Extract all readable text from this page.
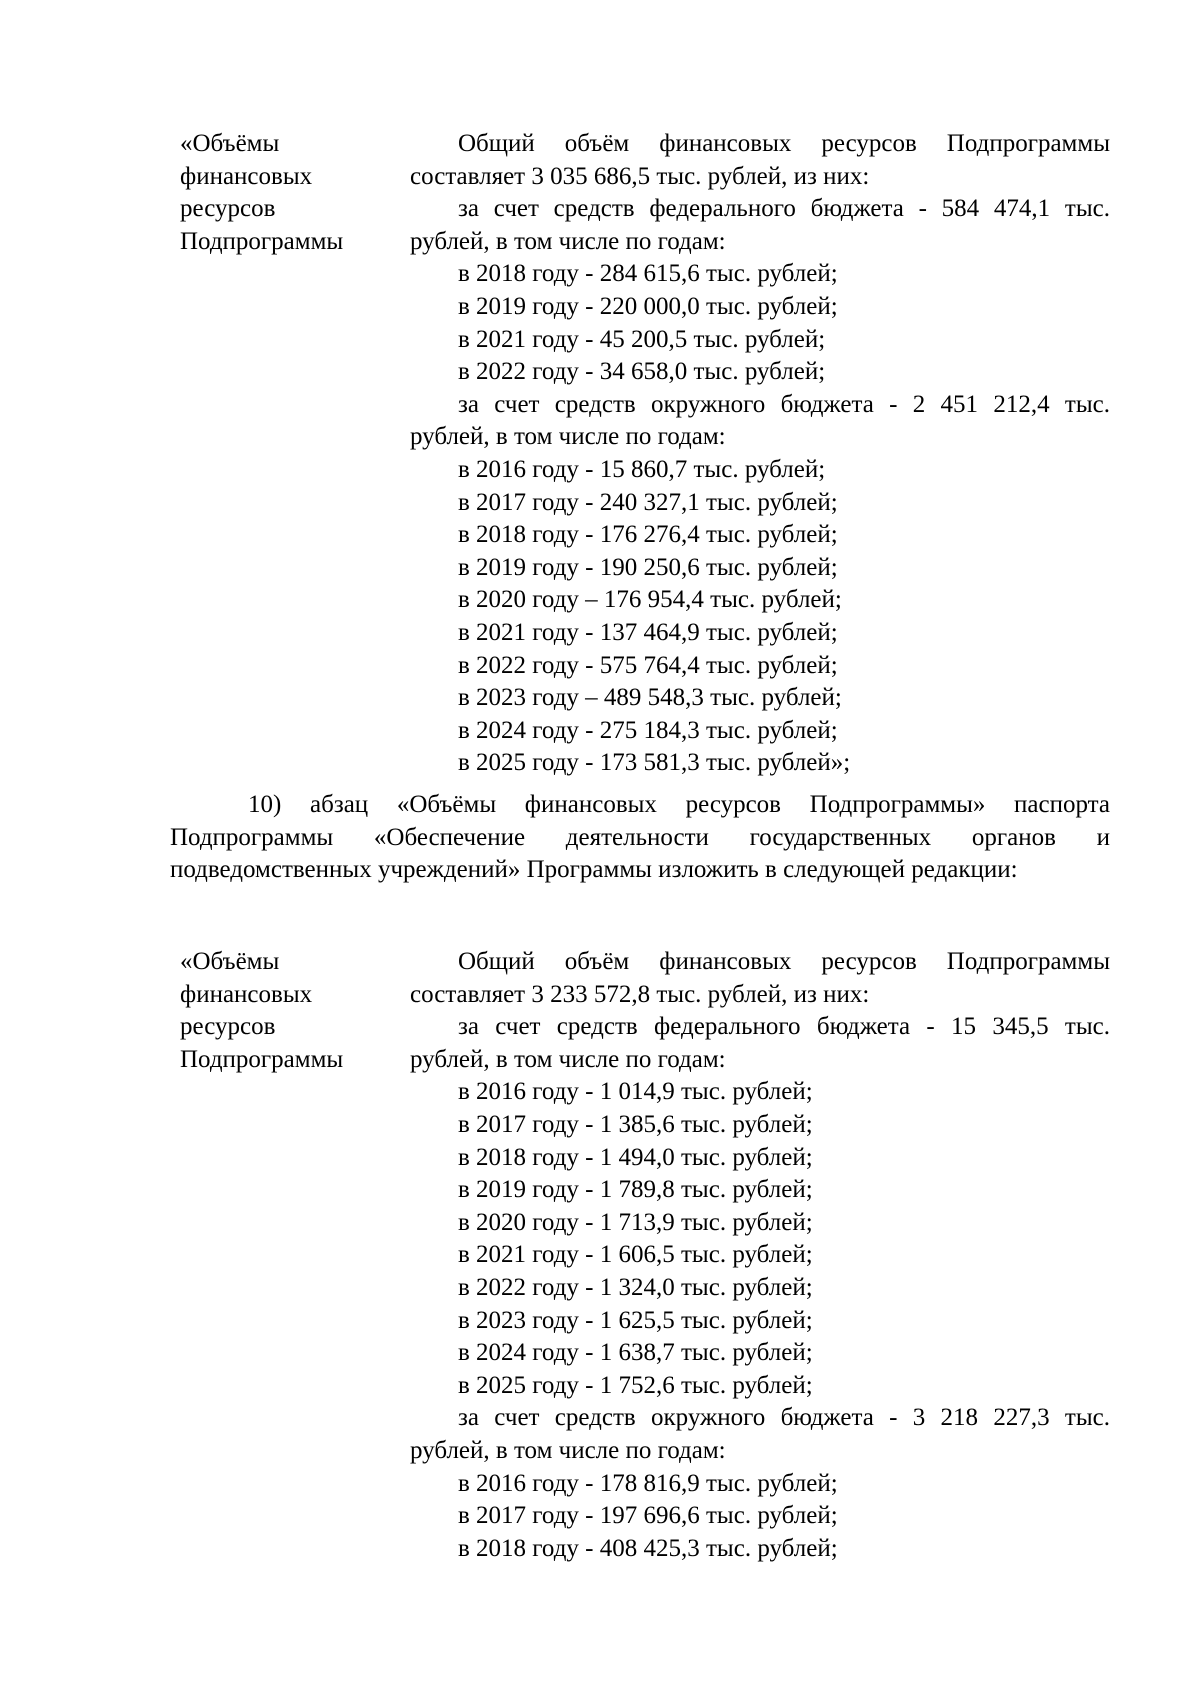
«Объёмы
финансовых
ресурсов
Подпрограммы
Общий объём финансовых ресурсов Подпрограммы составляет 3 035 686,5 тыс. рублей, из них:
за счет средств федерального бюджета - 584 474,1 тыс. рублей, в том числе по годам:
в 2018 году - 284 615,6 тыс. рублей;
в 2019 году - 220 000,0 тыс. рублей;
в 2021 году - 45 200,5 тыс. рублей;
в 2022 году - 34 658,0 тыс. рублей;
за счет средств окружного бюджета - 2 451 212,4 тыс. рублей, в том числе по годам:
в 2016 году - 15 860,7 тыс. рублей;
в 2017 году - 240 327,1 тыс. рублей;
в 2018 году - 176 276,4 тыс. рублей;
в 2019 году - 190 250,6 тыс. рублей;
в 2020 году – 176 954,4 тыс. рублей;
в 2021 году - 137 464,9 тыс. рублей;
в 2022 году - 575 764,4 тыс. рублей;
в 2023 году – 489 548,3 тыс. рублей;
в 2024 году - 275 184,3 тыс. рублей;
в 2025 году - 173 581,3 тыс. рублей»;
10) абзац «Объёмы финансовых ресурсов Подпрограммы» паспорта Подпрограммы «Обеспечение деятельности государственных органов и подведомственных учреждений» Программы изложить в следующей редакции:
«Объёмы
финансовых
ресурсов
Подпрограммы
Общий объём финансовых ресурсов Подпрограммы составляет 3 233 572,8 тыс. рублей, из них:
за счет средств федерального бюджета - 15 345,5 тыс. рублей, в том числе по годам:
в 2016 году - 1 014,9 тыс. рублей;
в 2017 году - 1 385,6 тыс. рублей;
в 2018 году - 1 494,0 тыс. рублей;
в 2019 году - 1 789,8 тыс. рублей;
в 2020 году - 1 713,9 тыс. рублей;
в 2021 году - 1 606,5 тыс. рублей;
в 2022 году - 1 324,0 тыс. рублей;
в 2023 году - 1 625,5 тыс. рублей;
в 2024 году - 1 638,7 тыс. рублей;
в 2025 году - 1 752,6 тыс. рублей;
за счет средств окружного бюджета - 3 218 227,3 тыс. рублей, в том числе по годам:
в 2016 году - 178 816,9 тыс. рублей;
в 2017 году - 197 696,6 тыс. рублей;
в 2018 году - 408 425,3 тыс. рублей;
